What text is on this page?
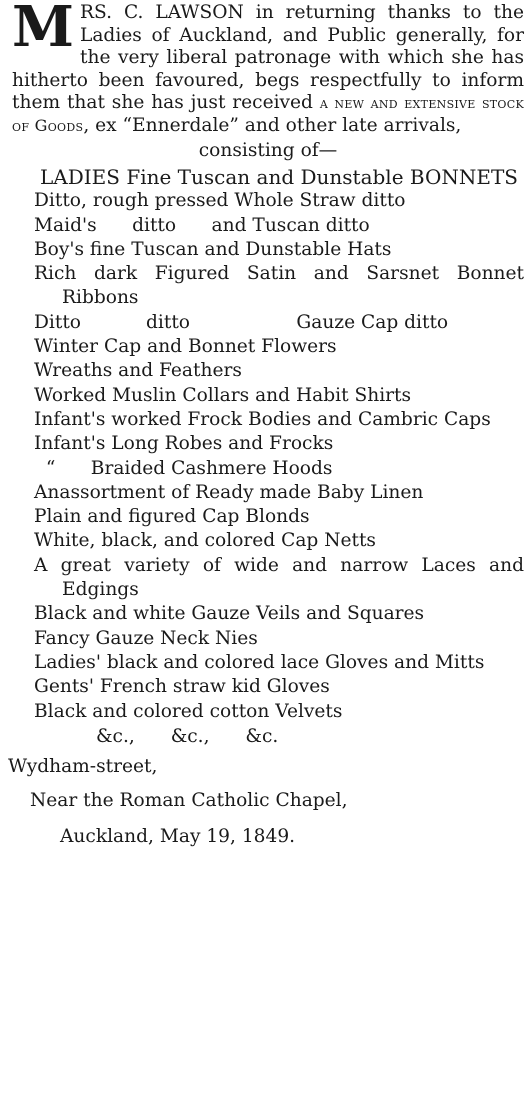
MRS. C. LAWSON in returning thanks to the Ladies of Auckland, and Public generally, for the very liberal patronage with which she has hitherto been favoured, begs respectfully to inform them that she has just received a new and extensive stock of Goods, ex “Ennerdale” and other late arrivals,

consisting of—
LADIES Fine Tuscan and Dunstable BONNETS
Ditto, rough pressed Whole Straw ditto
Maid's      ditto      and Tuscan ditto
Boy's fine Tuscan and Dunstable Hats
Rich dark Figured Satin and Sarsnet Bonnet Ribbons
Ditto           ditto                  Gauze Cap ditto
Winter Cap and Bonnet Flowers
Wreaths and Feathers
Worked Muslin Collars and Habit Shirts
Infant's worked Frock Bodies and Cambric Caps
Infant's Long Robes and Frocks
“      Braided Cashmere Hoods
Anassortment of Ready made Baby Linen
Plain and figured Cap Blonds
White, black, and colored Cap Netts
A great variety of wide and narrow Laces and Edgings
Black and white Gauze Veils and Squares
Fancy Gauze Neck Nies
Ladies' black and colored lace Gloves and Mitts
Gents' French straw kid Gloves
Black and colored cotton Velvets
&c., &c., &c.
Wydham-street,
Near the Roman Catholic Chapel,
Auckland, May 19, 1849.
